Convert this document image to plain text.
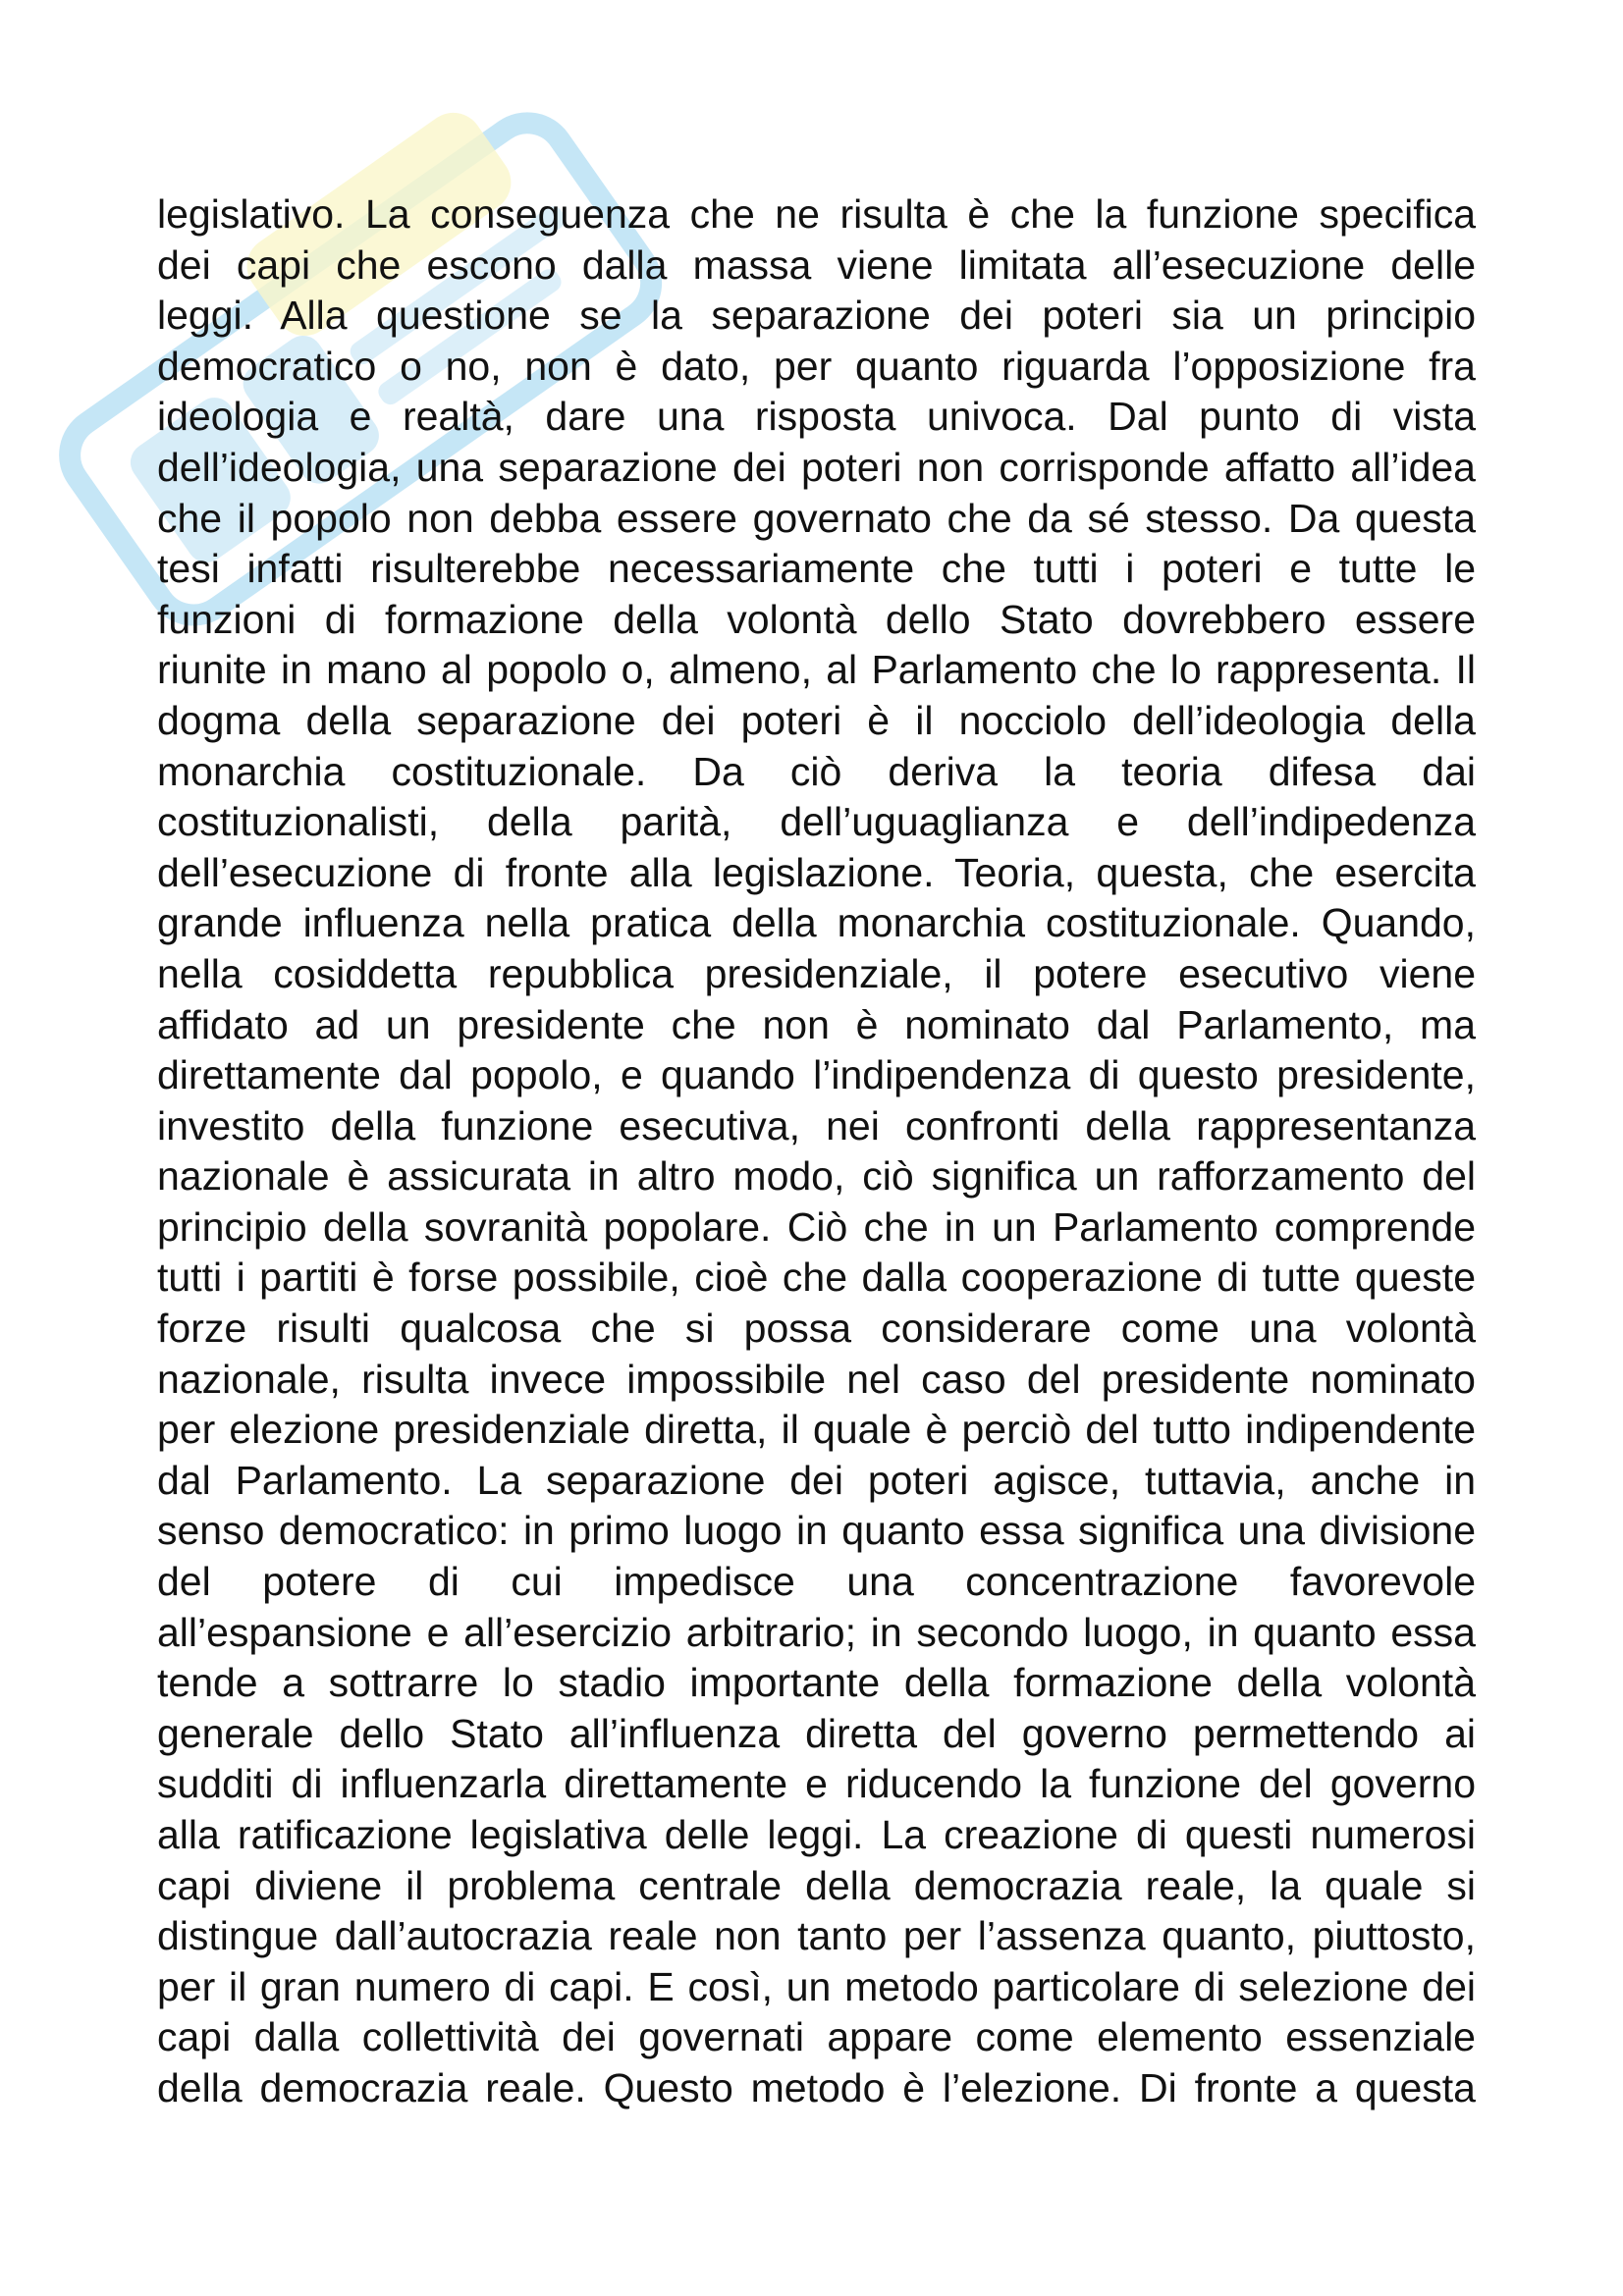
legislativo. La conseguenza che ne risulta è che la funzione specifica
dei capi che escono dalla massa viene limitata all’esecuzione delle
leggi. Alla questione se la separazione dei poteri sia un principio
democratico o no, non è dato, per quanto riguarda l’opposizione fra
ideologia e realtà, dare una risposta univoca. Dal punto di vista
dell’ideologia, una separazione dei poteri non corrisponde affatto all’idea
che il popolo non debba essere governato che da sé stesso. Da questa
tesi infatti risulterebbe necessariamente che tutti i poteri e tutte le
funzioni di formazione della volontà dello Stato dovrebbero essere
riunite in mano al popolo o, almeno, al Parlamento che lo rappresenta. Il
dogma della separazione dei poteri è il nocciolo dell’ideologia della
monarchia costituzionale. Da ciò deriva la teoria difesa dai
costituzionalisti, della parità, dell’uguaglianza e dell’indipedenza
dell’esecuzione di fronte alla legislazione. Teoria, questa, che esercita
grande influenza nella pratica della monarchia costituzionale. Quando,
nella cosiddetta repubblica presidenziale, il potere esecutivo viene
affidato ad un presidente che non è nominato dal Parlamento, ma
direttamente dal popolo, e quando l’indipendenza di questo presidente,
investito della funzione esecutiva, nei confronti della rappresentanza
nazionale è assicurata in altro modo, ciò significa un rafforzamento del
principio della sovranità popolare. Ciò che in un Parlamento comprende
tutti i partiti è forse possibile, cioè che dalla cooperazione di tutte queste
forze risulti qualcosa che si possa considerare come una volontà
nazionale, risulta invece impossibile nel caso del presidente nominato
per elezione presidenziale diretta, il quale è perciò del tutto indipendente
dal Parlamento. La separazione dei poteri agisce, tuttavia, anche in
senso democratico: in primo luogo in quanto essa significa una divisione
del potere di cui impedisce una concentrazione favorevole
all’espansione e all’esercizio arbitrario; in secondo luogo, in quanto essa
tende a sottrarre lo stadio importante della formazione della volontà
generale dello Stato all’influenza diretta del governo permettendo ai
sudditi di influenzarla direttamente e riducendo la funzione del governo
alla ratificazione legislativa delle leggi. La creazione di questi numerosi
capi diviene il problema centrale della democrazia reale, la quale si
distingue dall’autocrazia reale non tanto per l’assenza quanto, piuttosto,
per il gran numero di capi. E così, un metodo particolare di selezione dei
capi dalla collettività dei governati appare come elemento essenziale
della democrazia reale. Questo metodo è l’elezione. Di fronte a questa
